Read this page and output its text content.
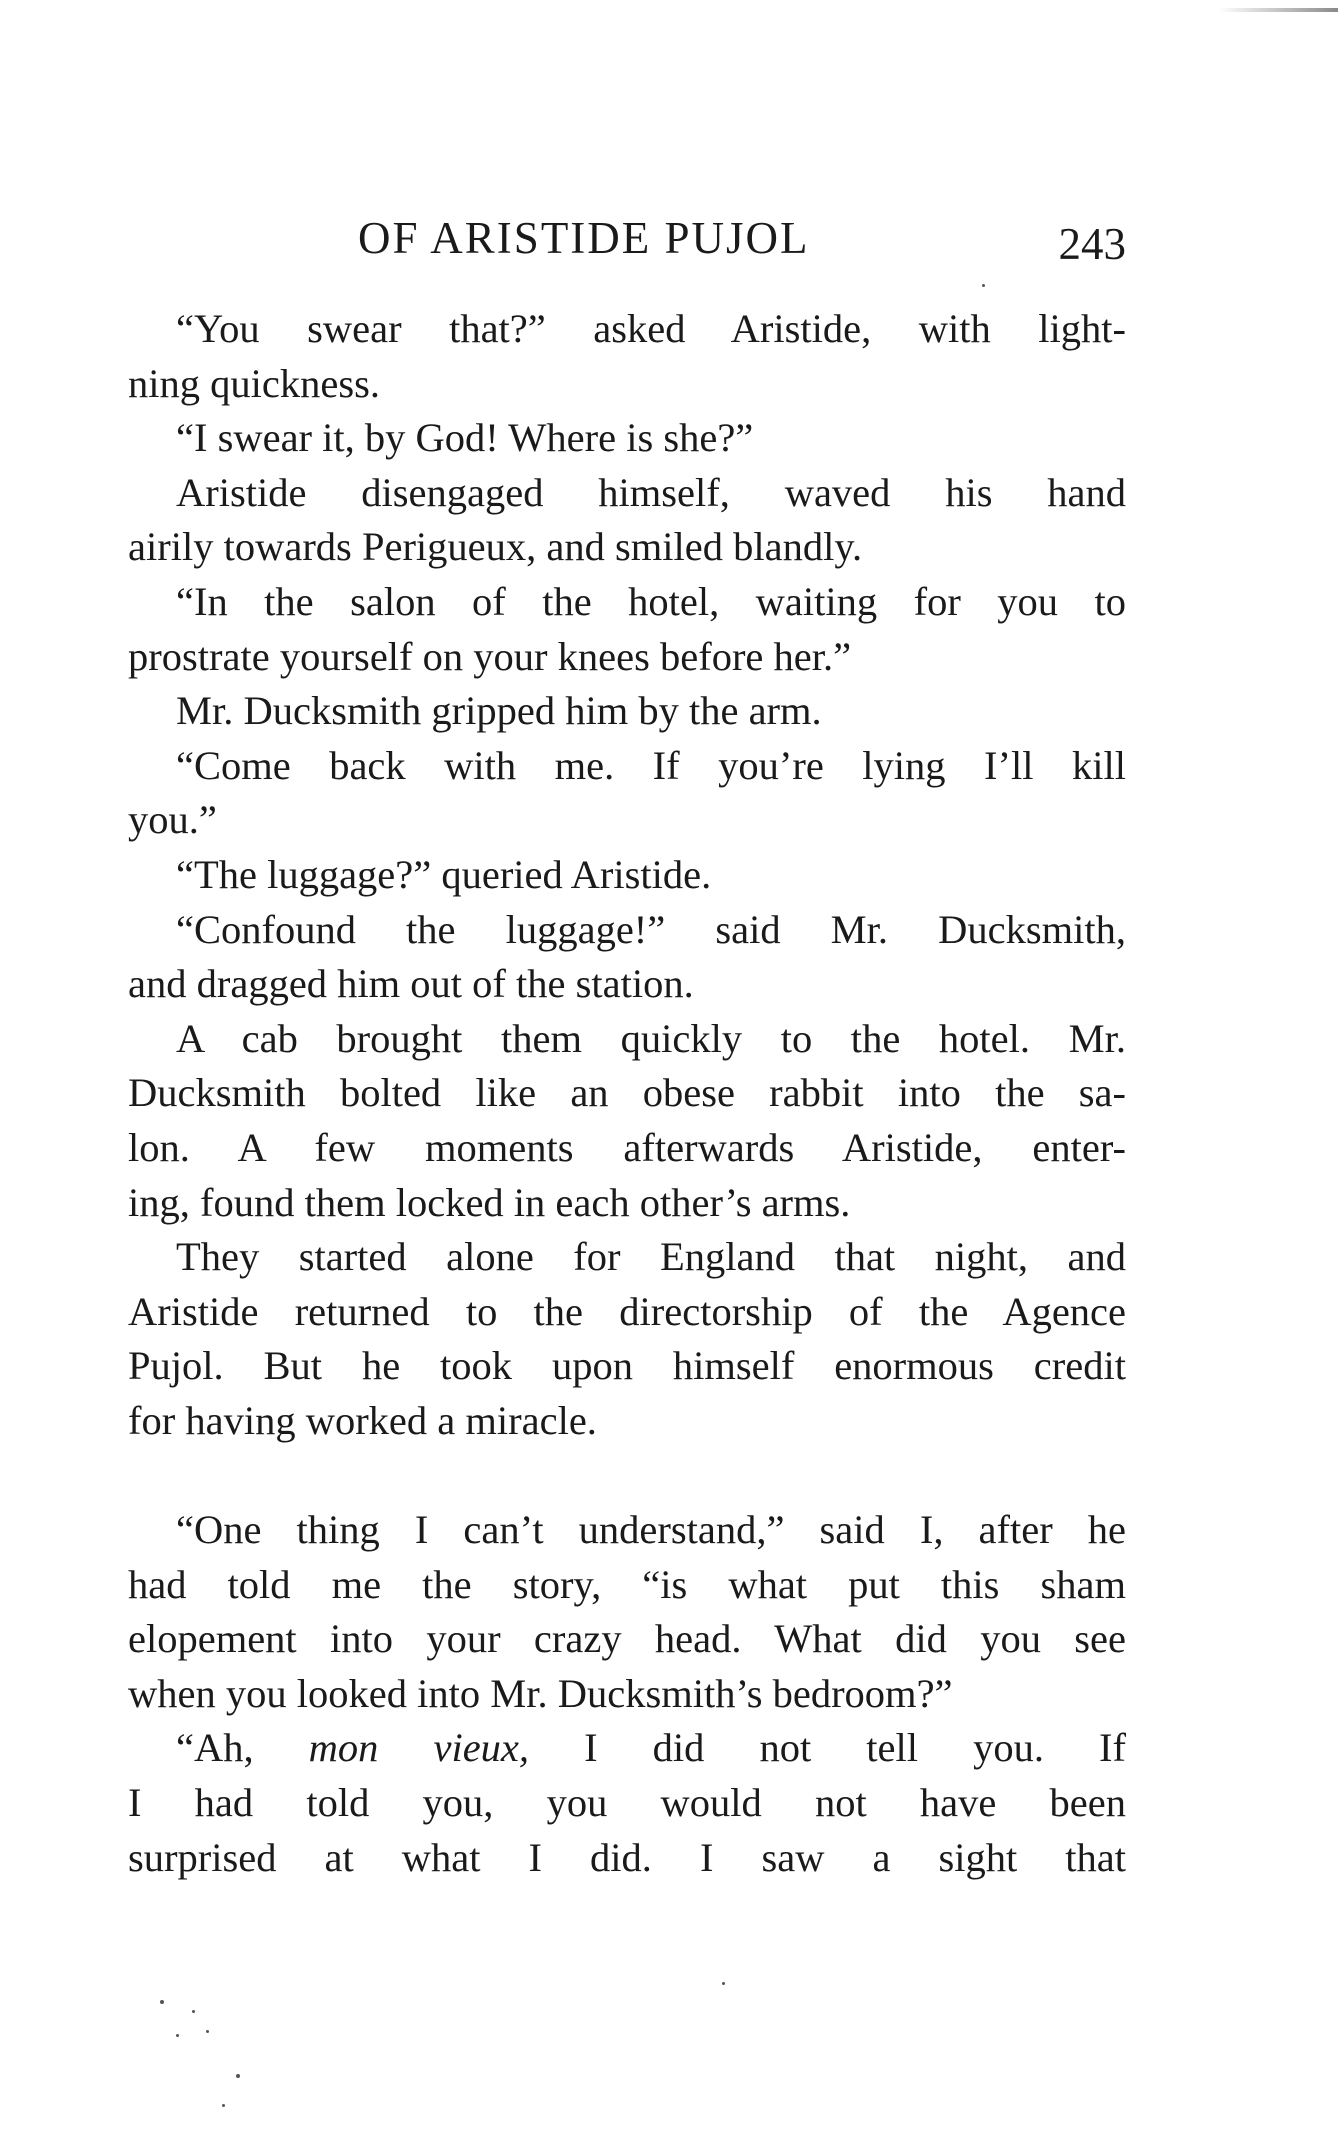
OF ARISTIDE PUJOL	243
“You swear that?” asked Aristide, with light-
ning quickness.
“I swear it, by God! Where is she?”
Aristide disengaged himself, waved his hand
airily towards Perigueux, and smiled blandly.
“In the salon of the hotel, waiting for you to
prostrate yourself on your knees before her.”
Mr. Ducksmith gripped him by the arm.
“Come back with me. If you’re lying I’ll kill
you.”
“The luggage?” queried Aristide.
“Confound the luggage!” said Mr. Ducksmith,
and dragged him out of the station.
A cab brought them quickly to the hotel. Mr.
Ducksmith bolted like an obese rabbit into the sa-
lon. A few moments afterwards Aristide, enter-
ing, found them locked in each other’s arms.
They started alone for England that night, and
Aristide returned to the directorship of the Agence
Pujol. But he took upon himself enormous credit
for having worked a miracle.
“One thing I can’t understand,” said I, after he
had told me the story, “is what put this sham
elopement into your crazy head. What did you see
when you looked into Mr. Ducksmith’s bedroom?”
“Ah, mon vieux, I did not tell you. If
I had told you, you would not have been
surprised at what I did. I saw a sight that
